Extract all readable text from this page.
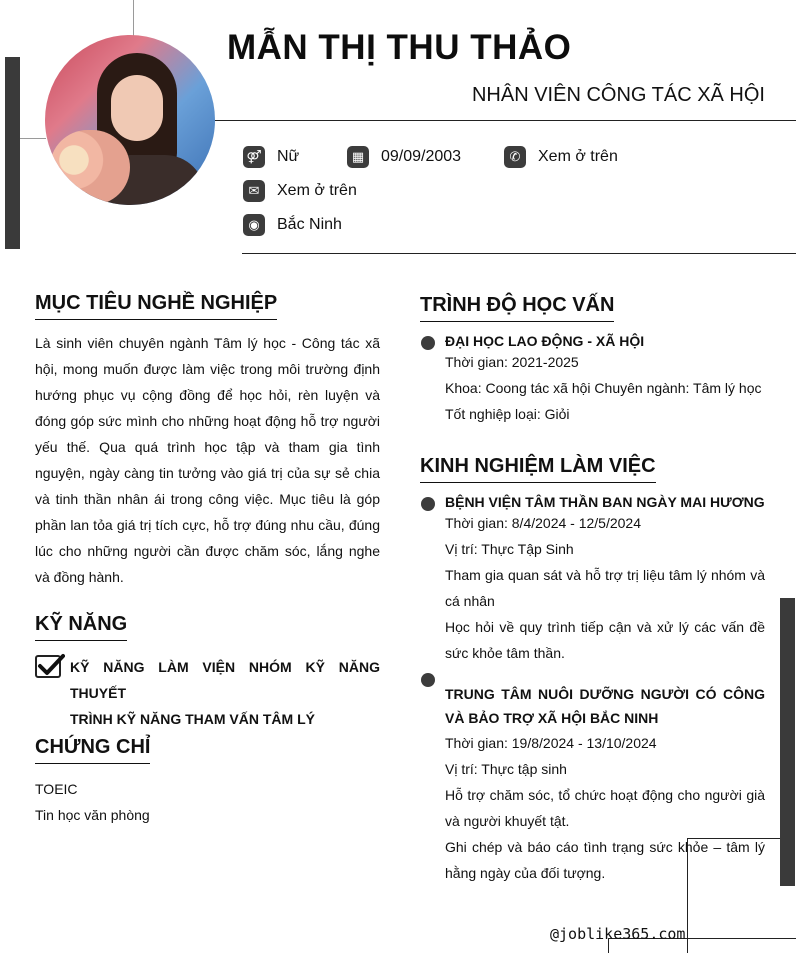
MẪN THỊ THU THẢO
NHÂN VIÊN CÔNG TÁC XÃ HỘI
⚤ Nữ	▦	09/09/2003	✆	Xem ở trên
✉	Xem ở trên
◉	Bắc Ninh
MỤC TIÊU NGHỀ NGHIỆP
Là sinh viên chuyên ngành Tâm lý học - Công tác xã hội, mong muốn được làm việc trong môi trường định hướng phục vụ cộng đồng để học hỏi, rèn luyện và đóng góp sức mình cho những hoạt động hỗ trợ người yếu thế. Qua quá trình học tập và tham gia tình nguyện, ngày càng tin tưởng vào giá trị của sự sẻ chia và tinh thần nhân ái trong công việc. Mục tiêu là góp phần lan tỏa giá trị tích cực, hỗ trợ đúng nhu cầu, đúng lúc cho những người cần được chăm sóc, lắng nghe và đồng hành.
KỸ NĂNG
KỸ NĂNG LÀM VIỆN NHÓM KỸ NĂNG THUYẾT
TRÌNH KỸ NĂNG THAM VẤN TÂM LÝ
CHỨNG CHỈ
TOEIC
Tin học văn phòng
TRÌNH ĐỘ HỌC VẤN
ĐẠI HỌC LAO ĐỘNG - XÃ HỘI
Thời gian: 2021-2025
Khoa: Coong tác xã hội Chuyên ngành: Tâm lý học
Tốt nghiệp loại: Giỏi
KINH NGHIỆM LÀM VIỆC
BỆNH VIỆN TÂM THẦN BAN NGÀY MAI HƯƠNG
Thời gian: 8/4/2024 - 12/5/2024
Vị trí: Thực Tập Sinh
Tham gia quan sát và hỗ trợ trị liệu tâm lý nhóm và cá nhân
Học hỏi về quy trình tiếp cận và xử lý các vấn đề sức khỏe tâm thần.
TRUNG TÂM NUÔI DƯỠNG NGƯỜI CÓ CÔNG VÀ BẢO TRỢ XÃ HỘI BẮC NINH
Thời gian: 19/8/2024 - 13/10/2024
Vị trí: Thực tập sinh
Hỗ trợ chăm sóc, tổ chức hoạt động cho người già và người khuyết tật.
Ghi chép và báo cáo tình trạng sức khỏe – tâm lý hằng ngày của đối tượng.
@joblike365.com
